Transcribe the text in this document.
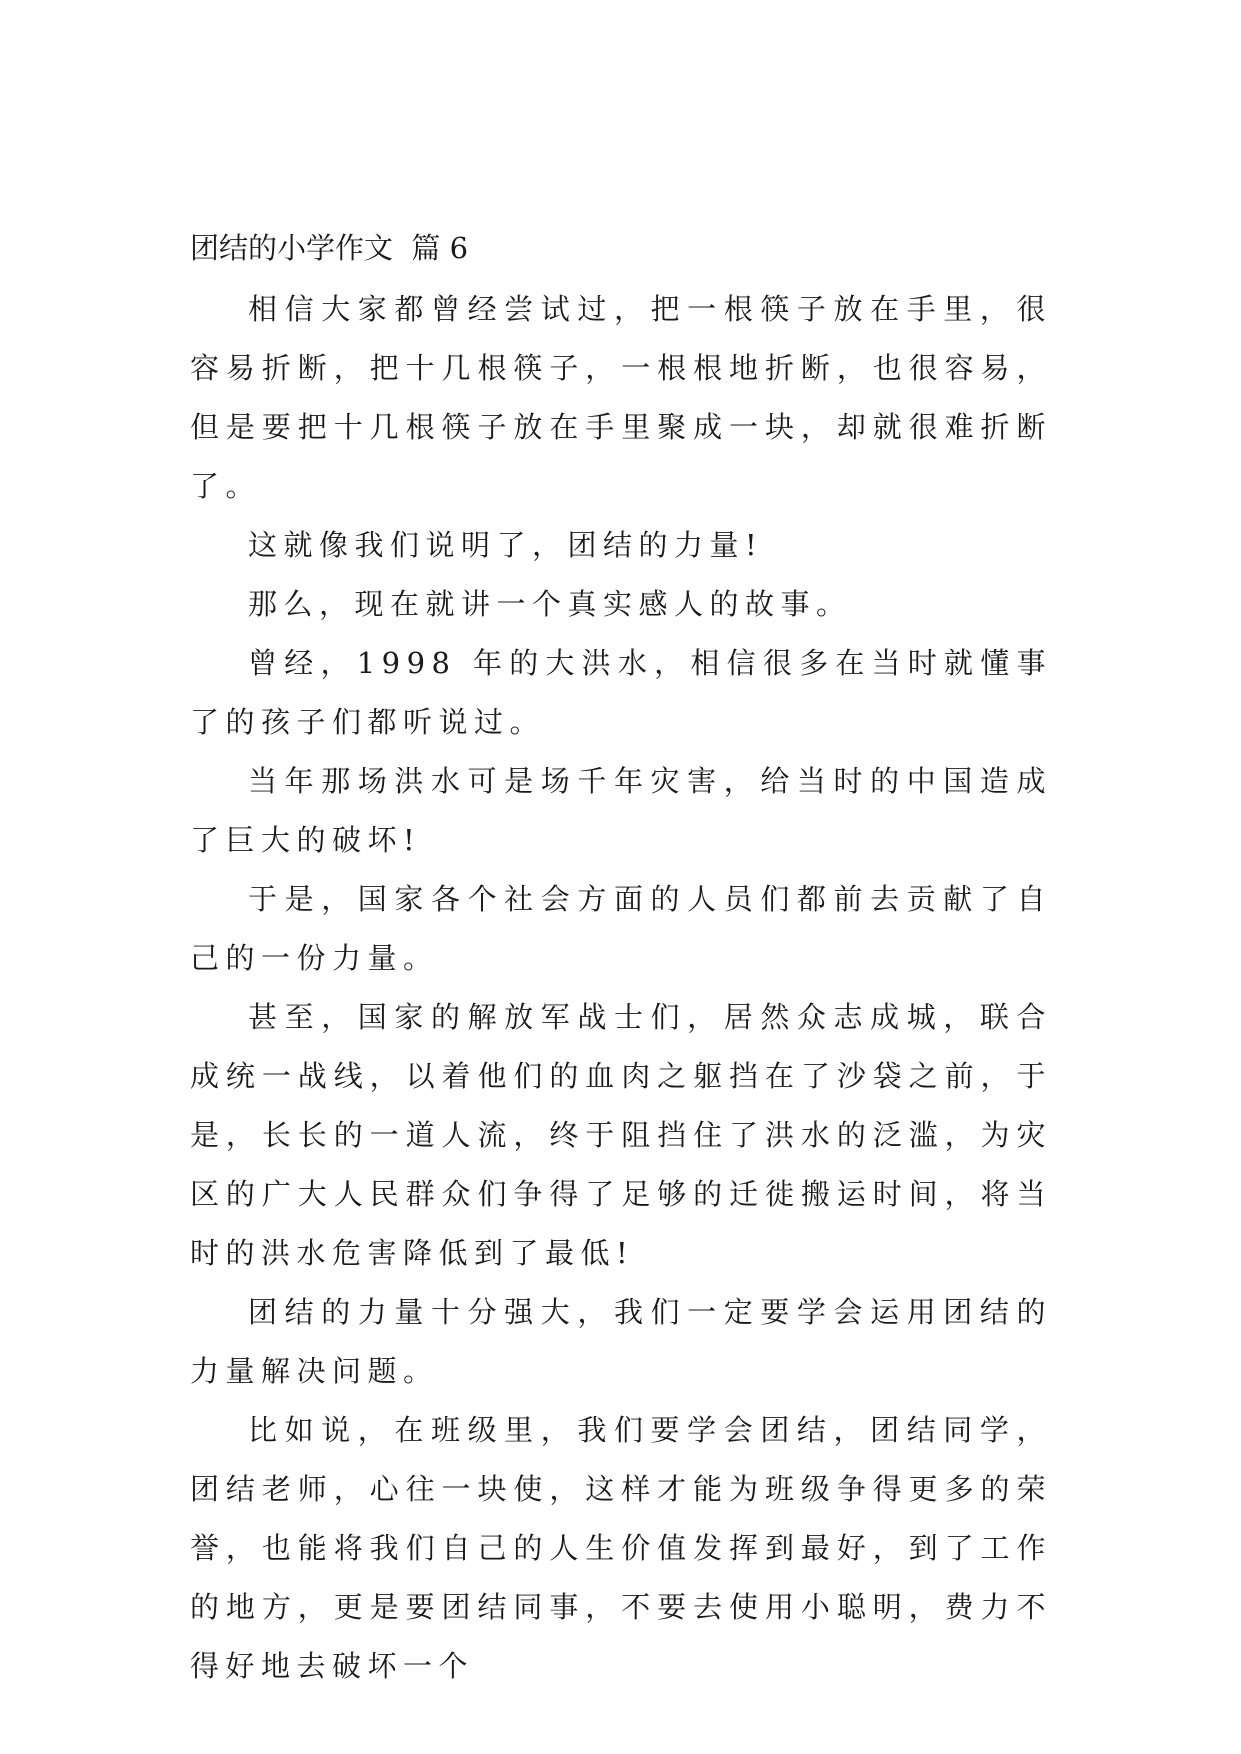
团结的小学作文  篇 6

相信大家都曾经尝试过，把一根筷子放在手里，很容易折断，把十几根筷子，一根根地折断，也很容易，但是要把十几根筷子放在手里聚成一块，却就很难折断了。

这就像我们说明了，团结的力量!

那么，现在就讲一个真实感人的故事。

曾经，1998 年的大洪水，相信很多在当时就懂事了的孩子们都听说过。

当年那场洪水可是场千年灾害，给当时的中国造成了巨大的破坏!

于是，国家各个社会方面的人员们都前去贡献了自己的一份力量。

甚至，国家的解放军战士们，居然众志成城，联合成统一战线，以着他们的血肉之躯挡在了沙袋之前，于是，长长的一道人流，终于阻挡住了洪水的泛滥，为灾区的广大人民群众们争得了足够的迁徙搬运时间，将当时的洪水危害降低到了最低!

团结的力量十分强大，我们一定要学会运用团结的力量解决问题。

比如说，在班级里，我们要学会团结，团结同学，团结老师，心往一块使，这样才能为班级争得更多的荣誉，也能将我们自己的人生价值发挥到最好，到了工作的地方，更是要团结同事，不要去使用小聪明，费力不得好地去破坏一个
